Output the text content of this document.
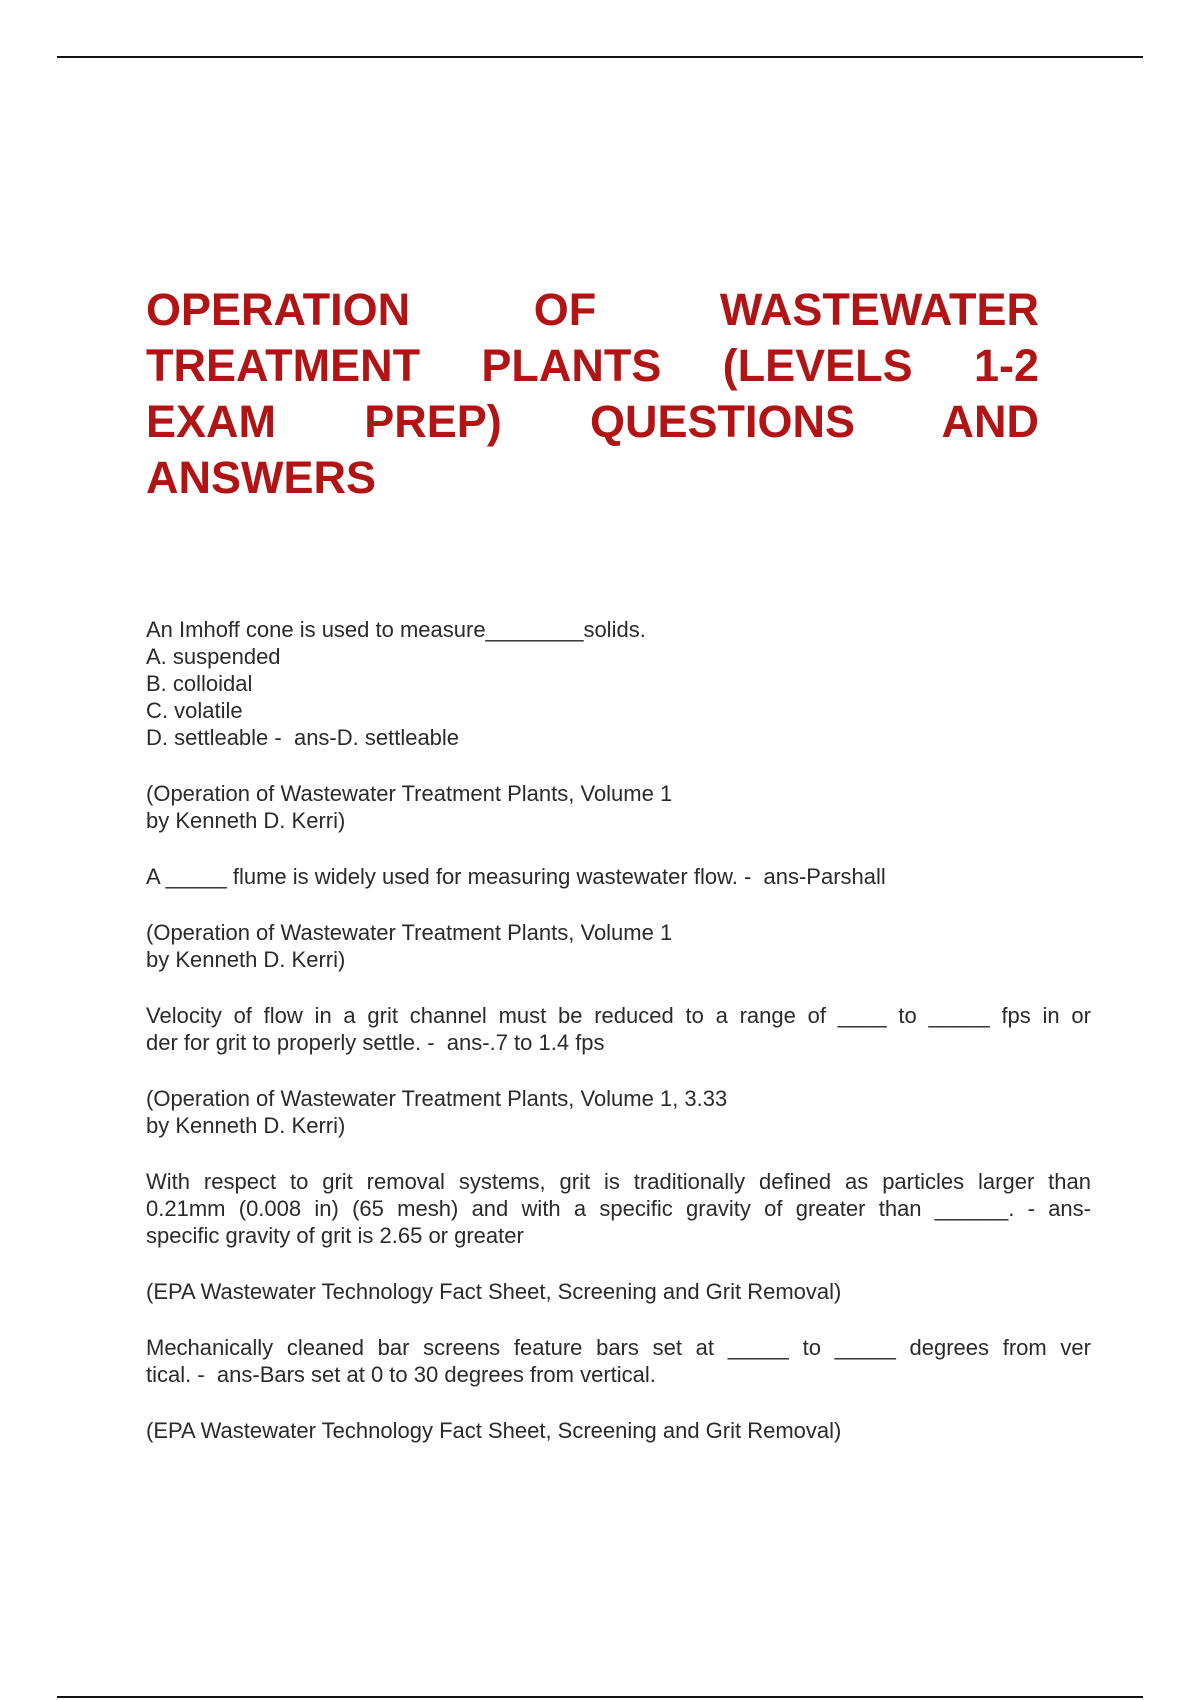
OPERATION OF WASTEWATER
TREATMENT PLANTS (LEVELS 1-2
EXAM PREP) QUESTIONS AND
ANSWERS
An Imhoff cone is used to measure________solids.
A. suspended
B. colloidal
C. volatile
D. settleable -  ans-D. settleable
(Operation of Wastewater Treatment Plants, Volume 1
by Kenneth D. Kerri)
A _____ flume is widely used for measuring wastewater flow. -  ans-Parshall
(Operation of Wastewater Treatment Plants, Volume 1
by Kenneth D. Kerri)
Velocity of flow in a grit channel must be reduced to a range of ____ to _____ fps in or
der for grit to properly settle. -  ans-.7 to 1.4 fps
(Operation of Wastewater Treatment Plants, Volume 1, 3.33
by Kenneth D. Kerri)
With respect to grit removal systems, grit is traditionally defined as particles larger than
0.21mm (0.008 in) (65 mesh) and with a specific gravity of greater than ______. - ans-
specific gravity of grit is 2.65 or greater
(EPA Wastewater Technology Fact Sheet, Screening and Grit Removal)
Mechanically cleaned bar screens feature bars set at _____ to _____ degrees from ver
tical. -  ans-Bars set at 0 to 30 degrees from vertical.
(EPA Wastewater Technology Fact Sheet, Screening and Grit Removal)
